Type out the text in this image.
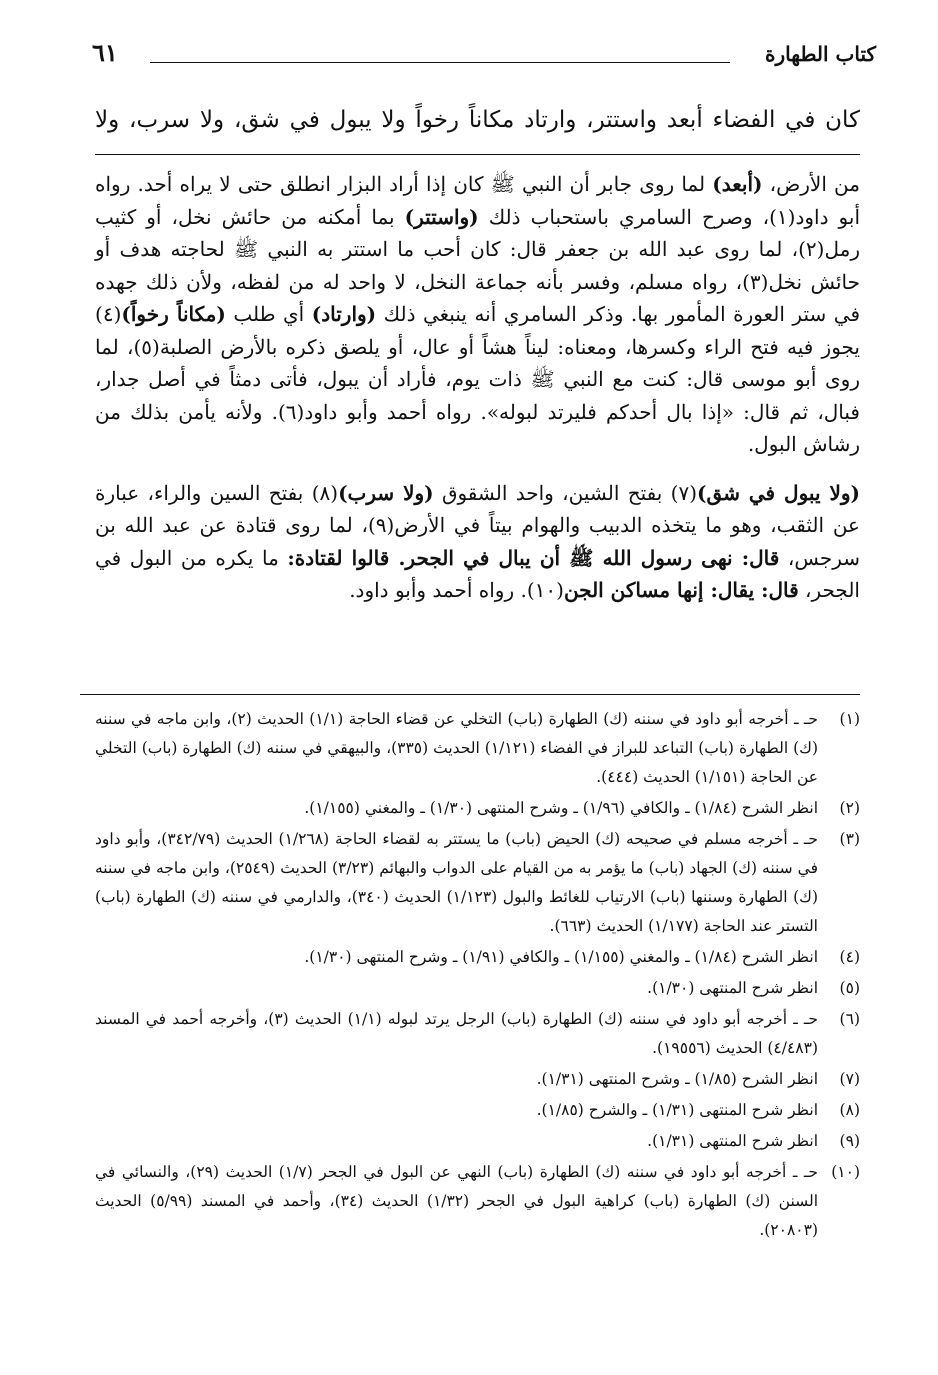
كتاب الطهارة
٦١
كان في الفضاء أبعد واستتر، وارتاد مكاناً رخواً ولا يبول في شق، ولا سرب، ولا

من الأرض، (أبعد) لما روى جابر أن النبي ﷺ كان إذا أراد البزار انطلق حتى لا يراه أحد. رواه أبو داود(١)، وصرح السامري باستحباب ذلك (واستتر) بما أمكنه من حائش نخل، أو كثيب رمل(٢)، لما روى عبد الله بن جعفر قال: كان أحب ما استتر به النبي ﷺ لحاجته هدف أو حائش نخل(٣)، رواه مسلم، وفسر بأنه جماعة النخل، لا واحد له من لفظه، ولأن ذلك جهده في ستر العورة المأمور بها. وذكر السامري أنه ينبغي ذلك (وارتاد) أي طلب (مكاناً رخواً)(٤) يجوز فيه فتح الراء وكسرها، ومعناه: ليناً هشاً أو عال، أو يلصق ذكره بالأرض الصلبة(٥)، لما روى أبو موسى قال: كنت مع النبي ﷺ ذات يوم، فأراد أن يبول، فأتى دمثاً في أصل جدار، فبال، ثم قال: «إذا بال أحدكم فليرتد لبوله». رواه أحمد وأبو داود(٦). ولأنه يأمن بذلك من رشاش البول.

(ولا يبول في شق)(٧) بفتح الشين، واحد الشقوق (ولا سرب)(٨) بفتح السين والراء، عبارة عن الثقب، وهو ما يتخذه الدبيب والهوام بيتاً في الأرض(٩)، لما روى قتادة عن عبد الله بن سرجس، قال: نهى رسول الله ﷺ أن يبال في الجحر. قالوا لقتادة: ما يكره من البول في الجحر، قال: يقال: إنها مساكن الجن(١٠). رواه أحمد وأبو داود.

(١)
حـ ـ أخرجه أبو داود في سننه (ك) الطهارة (باب) التخلي عن قضاء الحاجة (١/١) الحديث (٢)، وابن ماجه في سننه (ك) الطهارة (باب) التباعد للبراز في الفضاء (١/١٢١) الحديث (٣٣٥)، والبيهقي في سننه (ك) الطهارة (باب) التخلي عن الحاجة (١/١٥١) الحديث (٤٤٤).
(٢)
انظر الشرح (١/٨٤) ـ والكافي (١/٩٦) ـ وشرح المنتهى (١/٣٠) ـ والمغني (١/١٥٥).
(٣)
حـ ـ أخرجه مسلم في صحيحه (ك) الحيض (باب) ما يستتر به لقضاء الحاجة (١/٢٦٨) الحديث (٣٤٢/٧٩)، وأبو داود في سننه (ك) الجهاد (باب) ما يؤمر به من القيام على الدواب والبهائم (٣/٢٣) الحديث (٢٥٤٩)، وابن ماجه في سننه (ك) الطهارة وسننها (باب) الارتياب للغائط والبول (١/١٢٣) الحديث (٣٤٠)، والدارمي في سننه (ك) الطهارة (باب) التستر عند الحاجة (١/١٧٧) الحديث (٦٦٣).
(٤)
انظر الشرح (١/٨٤) ـ والمغني (١/١٥٥) ـ والكافي (١/٩١) ـ وشرح المنتهى (١/٣٠).
(٥)
انظر شرح المنتهى (١/٣٠).
(٦)
حـ ـ أخرجه أبو داود في سننه (ك) الطهارة (باب) الرجل يرتد لبوله (١/١) الحديث (٣)، وأخرجه أحمد في المسند (٤/٤٨٣) الحديث (١٩٥٥٦).
(٧)
انظر الشرح (١/٨٥) ـ وشرح المنتهى (١/٣١).
(٨)
انظر شرح المنتهى (١/٣١) ـ والشرح (١/٨٥).
(٩)
انظر شرح المنتهى (١/٣١).
(١٠)
حـ ـ أخرجه أبو داود في سننه (ك) الطهارة (باب) النهي عن البول في الجحر (١/٧) الحديث (٢٩)، والنسائي في السنن (ك) الطهارة (باب) كراهية البول في الجحر (١/٣٢) الحديث (٣٤)، وأحمد في المسند (٥/٩٩) الحديث (٢٠٨٠٣).
